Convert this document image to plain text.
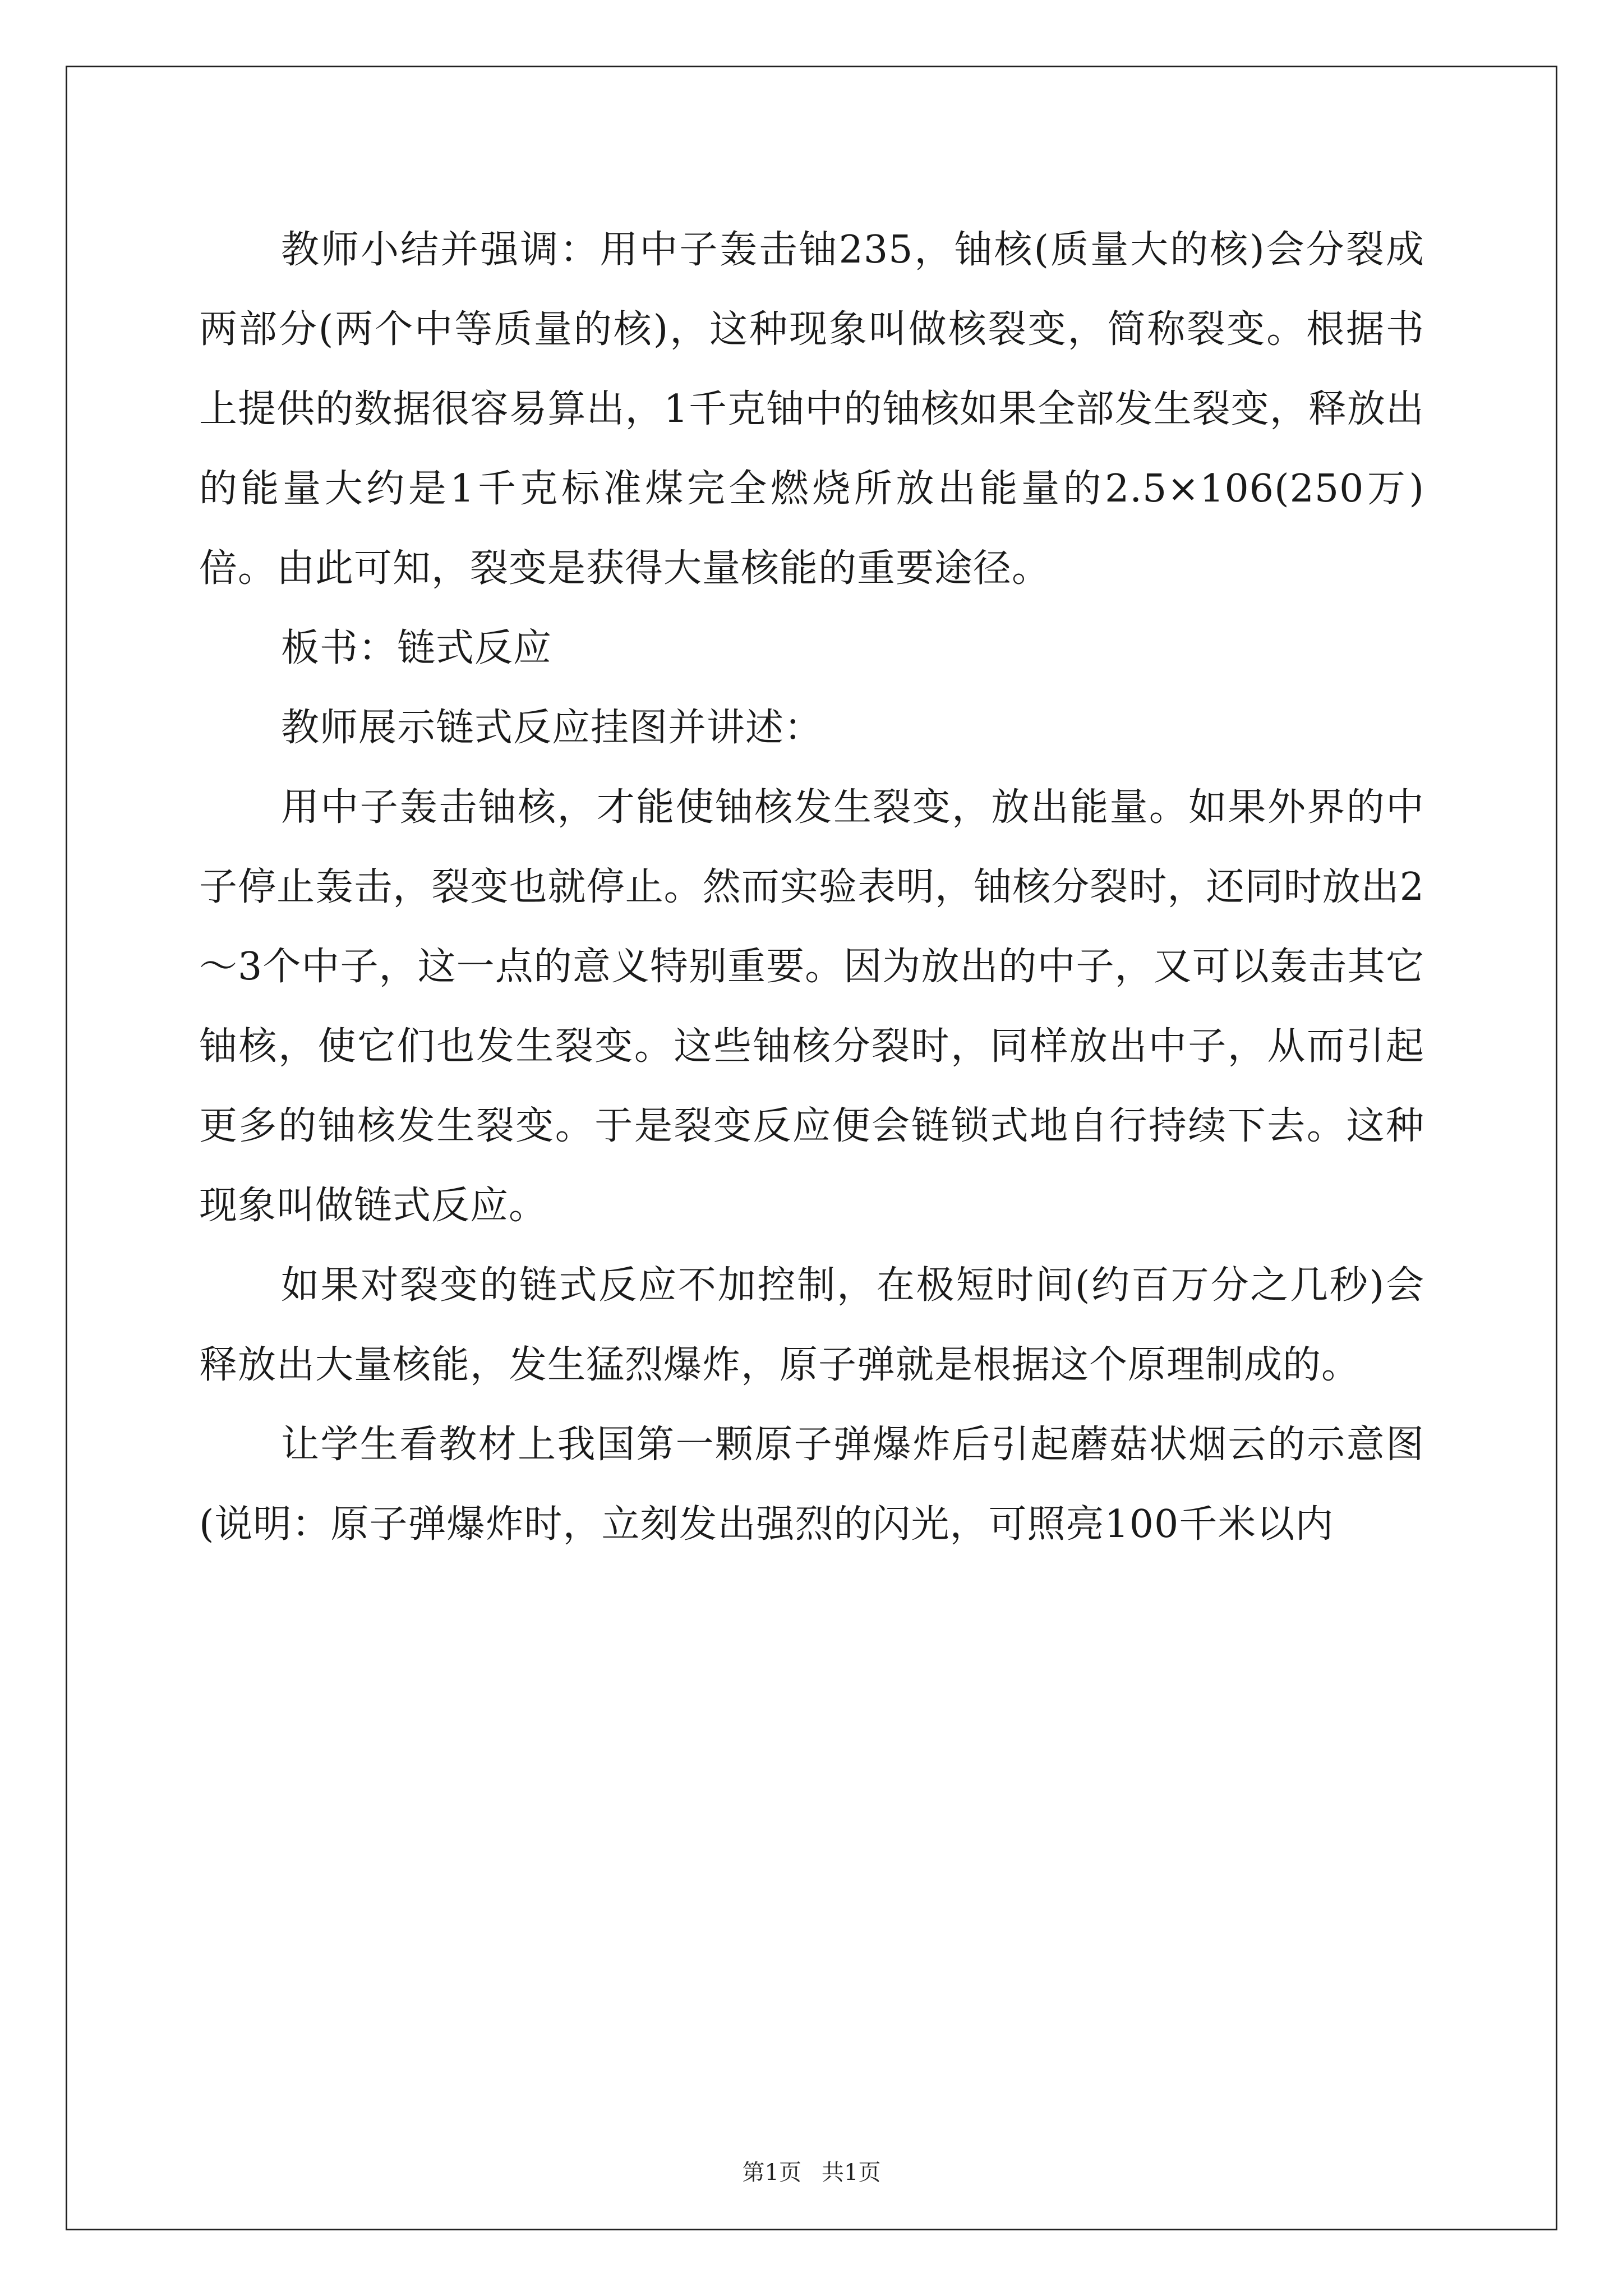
教师小结并强调：用中子轰击铀235，铀核(质量大的核)会分裂成两部分(两个中等质量的核)，这种现象叫做核裂变，简称裂变。根据书上提供的数据很容易算出，1千克铀中的铀核如果全部发生裂变，释放出的能量大约是1千克标准煤完全燃烧所放出能量的2.5×106(250万)倍。由此可知，裂变是获得大量核能的重要途径。

板书：链式反应

教师展示链式反应挂图并讲述：

用中子轰击铀核，才能使铀核发生裂变，放出能量。如果外界的中子停止轰击，裂变也就停止。然而实验表明，铀核分裂时，还同时放出2～3个中子，这一点的意义特别重要。因为放出的中子，又可以轰击其它铀核，使它们也发生裂变。这些铀核分裂时，同样放出中子，从而引起更多的铀核发生裂变。于是裂变反应便会链锁式地自行持续下去。这种现象叫做链式反应。

如果对裂变的链式反应不加控制，在极短时间(约百万分之几秒)会释放出大量核能，发生猛烈爆炸，原子弹就是根据这个原理制成的。

让学生看教材上我国第一颗原子弹爆炸后引起蘑菇状烟云的示意图(说明：原子弹爆炸时，立刻发出强烈的闪光，可照亮100千米以内

第1页 共1页
